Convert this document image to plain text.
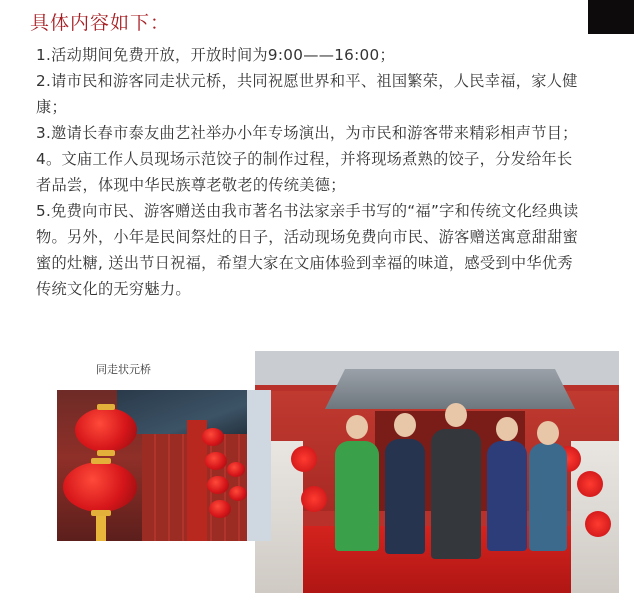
具体内容如下：
1.活动期间免费开放，开放时间为9:00——16:00；
2.请市民和游客同走状元桥，共同祝愿世界和平、祖国繁荣，人民幸福，家人健康；
3.邀请长春市泰友曲艺社举办小年专场演出，为市民和游客带来精彩相声节目；
4。文庙工作人员现场示范饺子的制作过程，并将现场煮熟的饺子，分发给年长者品尝，体现中华民族尊老敬老的传统美德；
5.免费向市民、游客赠送由我市著名书法家亲手书写的“福”字和传统文化经典读物。另外，小年是民间祭灶的日子，活动现场免费向市民、游客赠送寓意甜甜蜜蜜的灶糖, 送出节日祝福，希望大家在文庙体验到幸福的味道，感受到中华优秀传统文化的无穷魅力。
同走状元桥
